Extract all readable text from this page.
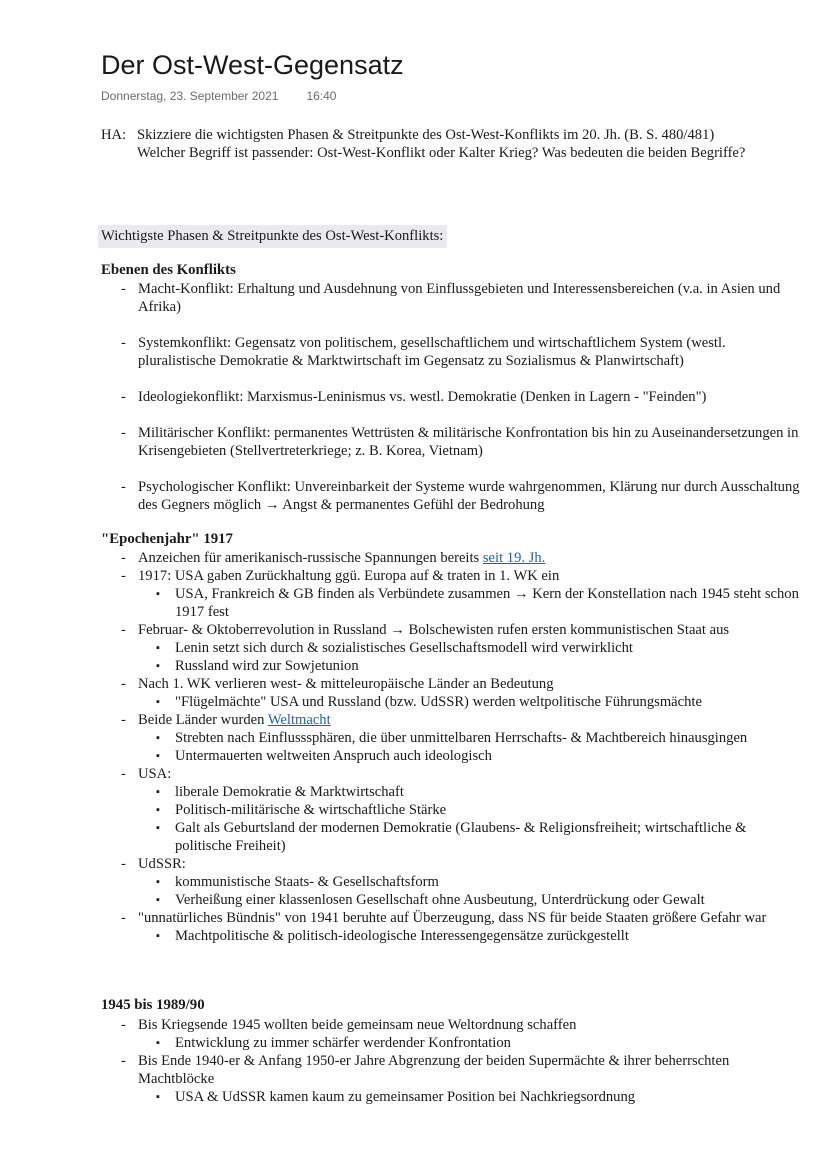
Der Ost-West-Gegensatz
Donnerstag, 23. September 2021 16:40
HA: Skizziere die wichtigsten Phasen & Streitpunkte des Ost-West-Konflikts im 20. Jh. (B. S. 480/481)
Welcher Begriff ist passender: Ost-West-Konflikt oder Kalter Krieg? Was bedeuten die beiden Begriffe?
Wichtigste Phasen & Streitpunkte des Ost-West-Konflikts:
Ebenen des Konflikts
- Macht-Konflikt: Erhaltung und Ausdehnung von Einflussgebieten und Interessensbereichen (v.a. in Asien und Afrika)
- Systemkonflikt: Gegensatz von politischem, gesellschaftlichem und wirtschaftlichem System (westl. pluralistische Demokratie & Marktwirtschaft im Gegensatz zu Sozialismus & Planwirtschaft)
- Ideologiekonflikt: Marxismus-Leninismus vs. westl. Demokratie (Denken in Lagern - "Feinden")
- Militärischer Konflikt: permanentes Wettrüsten & militärische Konfrontation bis hin zu Auseinandersetzungen in Krisengebieten (Stellvertreterkriege; z. B. Korea, Vietnam)
- Psychologischer Konflikt: Unvereinbarkeit der Systeme wurde wahrgenommen, Klärung nur durch Ausschaltung des Gegners möglich → Angst & permanentes Gefühl der Bedrohung
"Epochenjahr" 1917
- Anzeichen für amerikanisch-russische Spannungen bereits seit 19. Jh.
- 1917: USA gaben Zurückhaltung ggü. Europa auf & traten in 1. WK ein
▪ USA, Frankreich & GB finden als Verbündete zusammen → Kern der Konstellation nach 1945 steht schon 1917 fest
- Februar- & Oktoberrevolution in Russland → Bolschewisten rufen ersten kommunistischen Staat aus
▪ Lenin setzt sich durch & sozialistisches Gesellschaftsmodell wird verwirklicht
▪ Russland wird zur Sowjetunion
- Nach 1. WK verlieren west- & mitteleuropäische Länder an Bedeutung
▪ "Flügelmächte" USA und Russland (bzw. UdSSR) werden weltpolitische Führungsmächte
- Beide Länder wurden Weltmacht
▪ Strebten nach Einflusssphären, die über unmittelbaren Herrschafts- & Machtbereich hinausgingen
▪ Untermauerten weltweiten Anspruch auch ideologisch
- USA:
▪ liberale Demokratie & Marktwirtschaft
▪ Politisch-militärische & wirtschaftliche Stärke
▪ Galt als Geburtsland der modernen Demokratie (Glaubens- & Religionsfreiheit; wirtschaftliche & politische Freiheit)
- UdSSR:
▪ kommunistische Staats- & Gesellschaftsform
▪ Verheißung einer klassenlosen Gesellschaft ohne Ausbeutung, Unterdrückung oder Gewalt
- "unnatürliches Bündnis" von 1941 beruhte auf Überzeugung, dass NS für beide Staaten größere Gefahr war
▪ Machtpolitische & politisch-ideologische Interessengegensätze zurückgestellt
1945 bis 1989/90
- Bis Kriegsende 1945 wollten beide gemeinsam neue Weltordnung schaffen
▪ Entwicklung zu immer schärfer werdender Konfrontation
- Bis Ende 1940-er & Anfang 1950-er Jahre Abgrenzung der beiden Supermächte & ihrer beherrschten Machtblöcke
▪ USA & UdSSR kamen kaum zu gemeinsamer Position bei Nachkriegsordnung
